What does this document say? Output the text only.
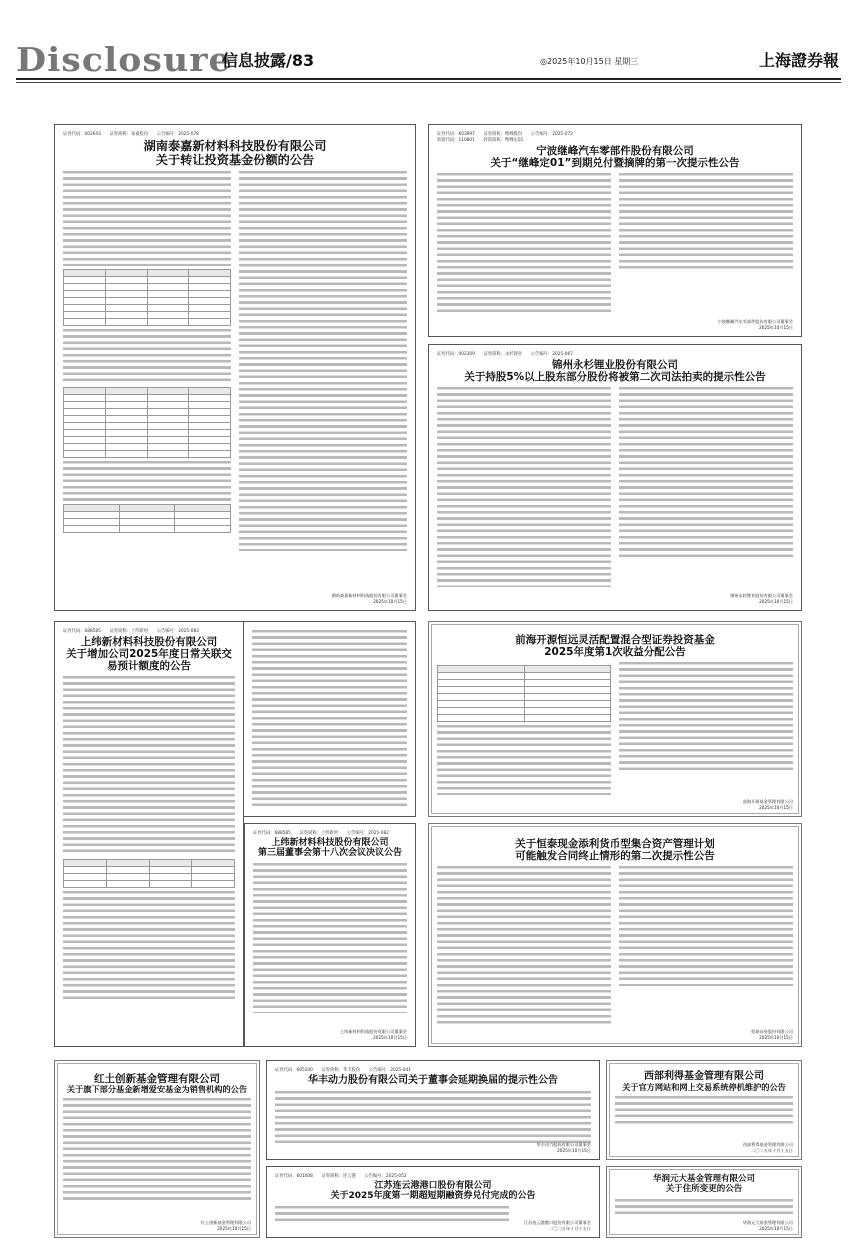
Disclosure
信息披露/83	◎2025年10月15日 星期三	上海證券報
证券代码：002643　　证券简称：泰嘉股份　　公告编号：2025-078
湖南泰嘉新材料科技股份有限公司
关于转让投资基金份额的公告

湖南泰嘉新材料科技股份有限公司董事会
2025年10月15日
证券代码：603997　　证券简称：继峰股份　　公告编号：2025-072
转债代码：110801　　转债简称：继峰定01
宁波继峰汽车零部件股份有限公司
关于“继峰定01”到期兑付暨摘牌的第一次提示性公告
宁波继峰汽车零部件股份有限公司董事会
2025年10月15日
证券代码：002309　　证券简称：永杉锂业　　公告编号：2025-067
锦州永杉锂业股份有限公司
关于持股5%以上股东部分股份将被第二次司法拍卖的提示性公告
锦州永杉锂业股份有限公司董事会
2025年10月15日
证券代码：688585　　证券简称：上纬新材　　公告编号：2025-083
上纬新材料科技股份有限公司
关于增加公司2025年度日常关联交易预计额度的公告

前海开源恒远灵活配置混合型证券投资基金
2025年度第1次收益分配公告

前海开源基金管理有限公司
2025年10月15日
证券代码：688585　　证券简称：上纬新材　　公告编号：2025-082
上纬新材料科技股份有限公司
第三届董事会第十八次会议决议公告
上纬新材料科技股份有限公司董事会
2025年10月15日
关于恒泰现金添利货币型集合资产管理计划
可能触发合同终止情形的第二次提示性公告
恒泰证券股份有限公司
2025年10月15日
红土创新基金管理有限公司
关于旗下部分基金新增爱安基金为销售机构的公告
红土创新基金管理有限公司
2025年10月15日
证券代码：605100　　证券简称：华丰股份　　公告编号：2025-041
华丰动力股份有限公司关于董事会延期换届的提示性公告
华丰动力股份有限公司董事会
2025年10月15日
证券代码：601008　　证券简称：连云港　　公告编号：2025-052
江苏连云港港口股份有限公司
关于2025年度第一期超短期融资券兑付完成的公告
江苏连云港港口股份有限公司董事会
二〇二五年十月十五日
西部利得基金管理有限公司
关于官方网站和网上交易系统停机维护的公告
西部利得基金管理有限公司
二〇二五年十月十五日
华润元大基金管理有限公司
关于住所变更的公告
华润元大基金管理有限公司
2025年10月15日
